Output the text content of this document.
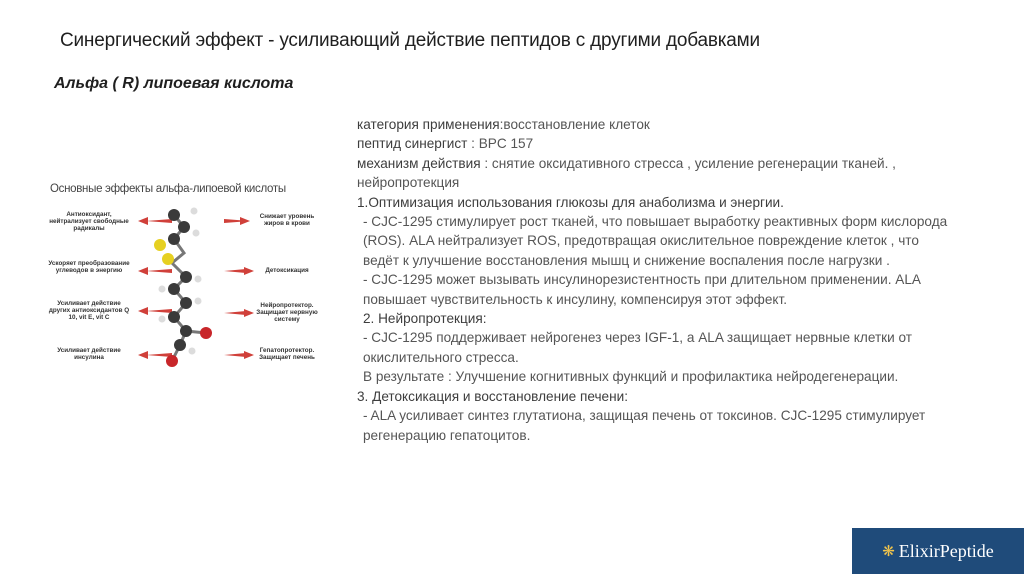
Синергический эффект - усиливающий действие пептидов с другими добавками
Альфа ( R) липоевая кислота
Основные эффекты альфа-липоевой кислоты
Антиоксидант, нейтрализует свободные радикалы
Ускоряет преобразование углеводов в энергию
Усиливает действие других антиоксидантов Q 10, vit E, vit C
Усиливает действие инсулина
Снижает уровень жиров в крови
Детоксикация
Нейропротектор. Защищает нервную систему
Гепатопротектор. Защищает печень

категория применения:восстановление клеток

пептид синергист : BPC 157

механизм действия : снятие оксидативного стресса , усиление регенерации тканей. , нейропротекция

1.Оптимизация использования глюкозы для анаболизма и энергии.

- CJC-1295 стимулирует рост тканей, что повышает выработку реактивных форм кислорода (ROS). ALA нейтрализует ROS, предотвращая окислительное повреждение клеток , что ведёт к улучшение восстановления мышц и снижение воспаления после нагрузки .

- CJC-1295 может вызывать инсулинорезистентность при длительном применении. ALA повышает чувствительность к инсулину, компенсируя этот эффект.

2. Нейропротекция:

- CJC-1295 поддерживает нейрогенез через IGF-1, а ALA защищает нервные клетки от окислительного стресса.

В результате : Улучшение когнитивных функций и профилактика нейродегенерации.

3. Детоксикация и восстановление печени:

- ALA усиливает синтез глутатиона, защищая печень от токсинов. CJC-1295 стимулирует регенерацию гепатоцитов.

❋ ElixirPeptide
